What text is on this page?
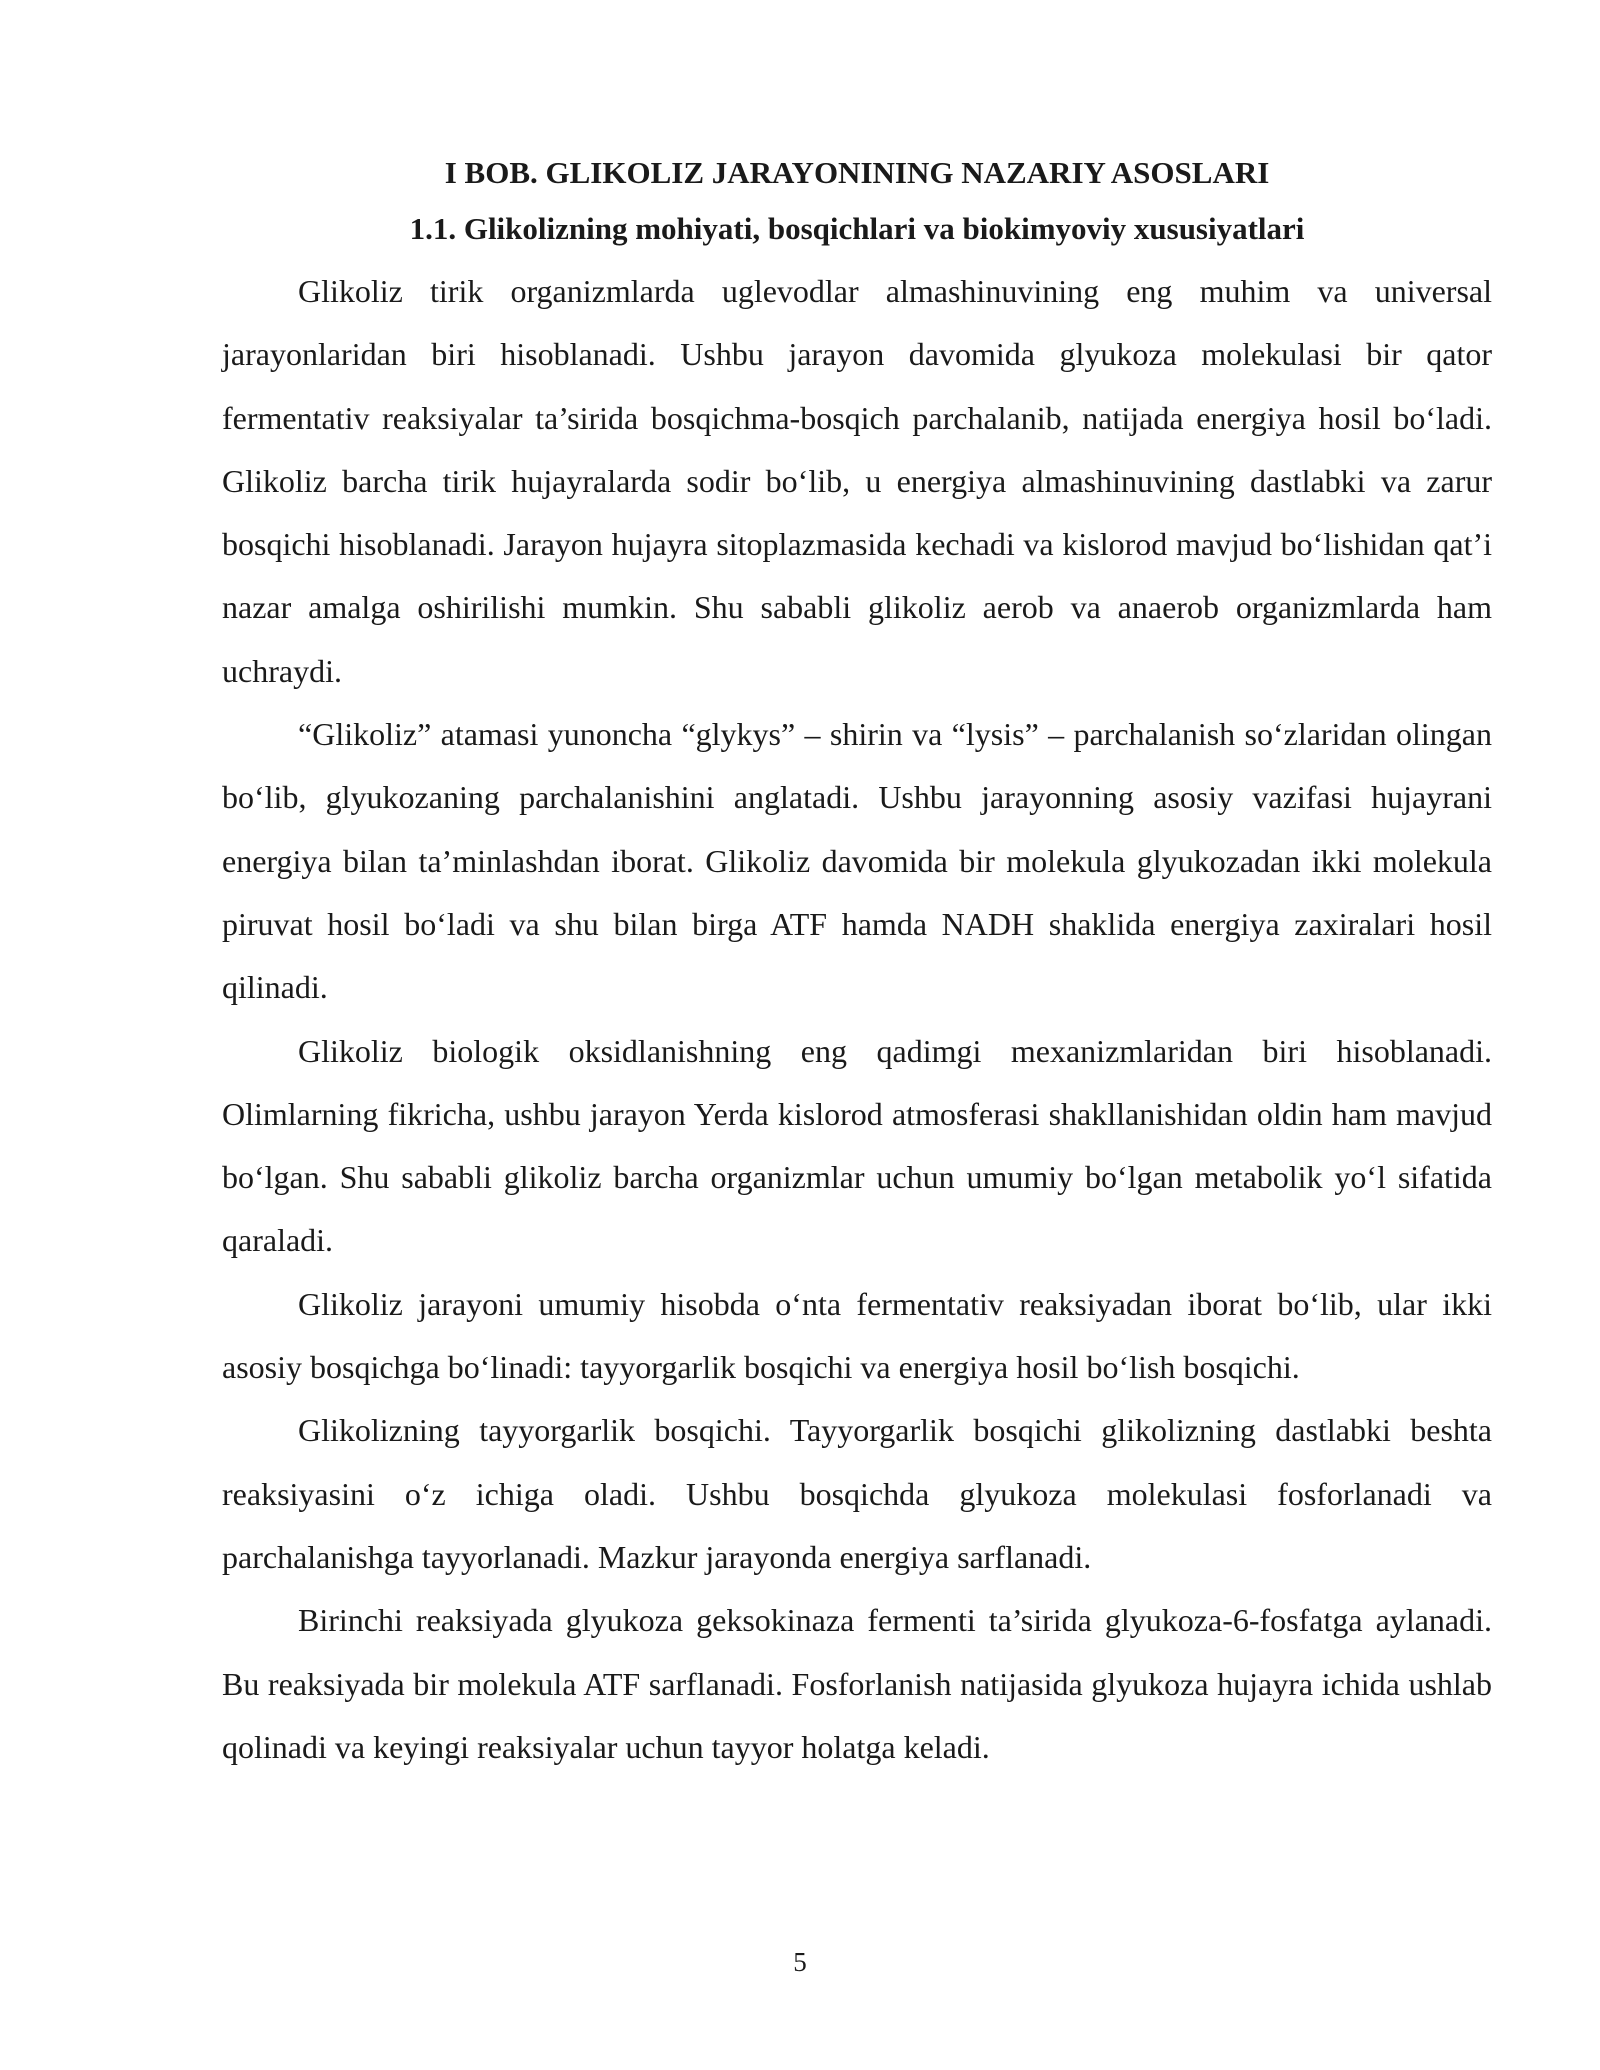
I BOB. GLIKOLIZ JARAYONINING NAZARIY ASOSLARI
1.1. Glikolizning mohiyati, bosqichlari va biokimyoviy xususiyatlari

Glikoliz tirik organizmlarda uglevodlar almashinuvining eng muhim va universal jarayonlaridan biri hisoblanadi. Ushbu jarayon davomida glyukoza molekulasi bir qator fermentativ reaksiyalar ta’sirida bosqichma-bosqich parchalanib, natijada energiya hosil bo‘ladi. Glikoliz barcha tirik hujayralarda sodir bo‘lib, u energiya almashinuvining dastlabki va zarur bosqichi hisoblanadi. Jarayon hujayra sitoplazmasida kechadi va kislorod mavjud bo‘lishidan qat’i nazar amalga oshirilishi mumkin. Shu sababli glikoliz aerob va anaerob organizmlarda ham uchraydi.

“Glikoliz” atamasi yunoncha “glykys” – shirin va “lysis” – parchalanish so‘zlaridan olingan bo‘lib, glyukozaning parchalanishini anglatadi. Ushbu jarayonning asosiy vazifasi hujayrani energiya bilan ta’minlashdan iborat. Glikoliz davomida bir molekula glyukozadan ikki molekula piruvat hosil bo‘ladi va shu bilan birga ATF hamda NADH shaklida energiya zaxiralari hosil qilinadi.

Glikoliz biologik oksidlanishning eng qadimgi mexanizmlaridan biri hisoblanadi. Olimlarning fikricha, ushbu jarayon Yerda kislorod atmosferasi shakllanishidan oldin ham mavjud bo‘lgan. Shu sababli glikoliz barcha organizmlar uchun umumiy bo‘lgan metabolik yo‘l sifatida qaraladi.

Glikoliz jarayoni umumiy hisobda o‘nta fermentativ reaksiyadan iborat bo‘lib, ular ikki asosiy bosqichga bo‘linadi: tayyorgarlik bosqichi va energiya hosil bo‘lish bosqichi.

Glikolizning tayyorgarlik bosqichi. Tayyorgarlik bosqichi glikolizning dastlabki beshta reaksiyasini o‘z ichiga oladi. Ushbu bosqichda glyukoza molekulasi fosforlanadi va parchalanishga tayyorlanadi. Mazkur jarayonda energiya sarflanadi.

Birinchi reaksiyada glyukoza geksokinaza fermenti ta’sirida glyukoza-6-fosfatga aylanadi. Bu reaksiyada bir molekula ATF sarflanadi. Fosforlanish natijasida glyukoza hujayra ichida ushlab qolinadi va keyingi reaksiyalar uchun tayyor holatga keladi.

5
